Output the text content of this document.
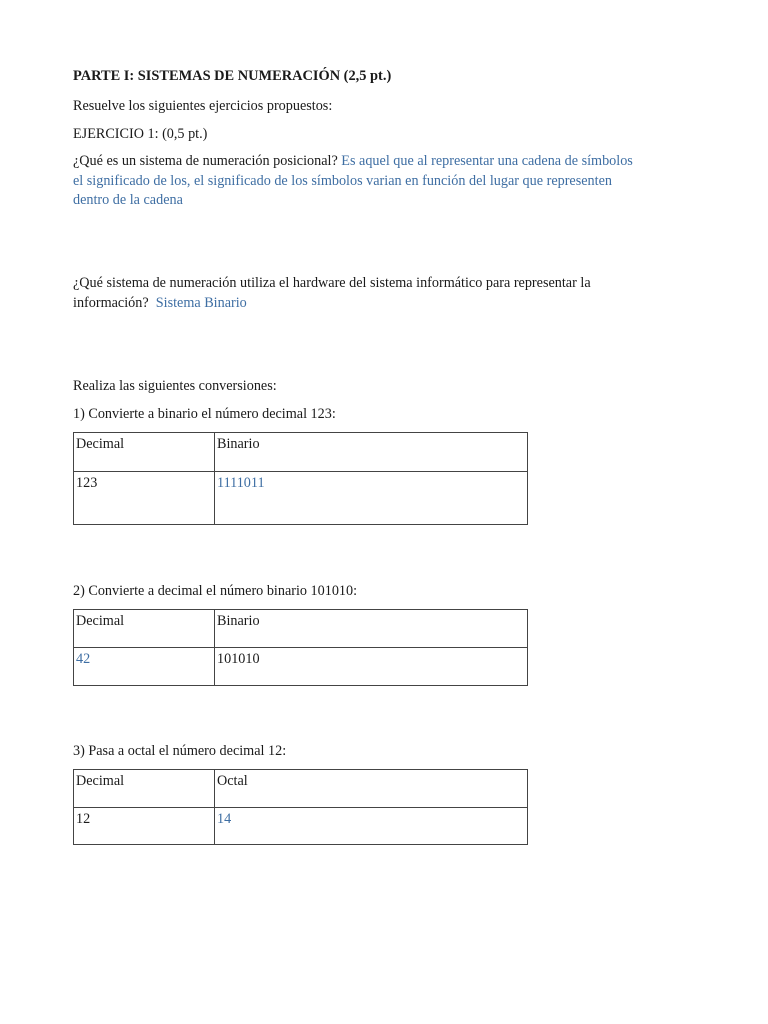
PARTE I: SISTEMAS DE NUMERACIÓN (2,5 pt.)
Resuelve los siguientes ejercicios propuestos:
EJERCICIO 1: (0,5 pt.)
¿Qué es un sistema de numeración posicional? Es aquel que al representar una cadena de símbolos
el significado de los, el significado de los símbolos varian en función del lugar que representen
dentro de la cadena
¿Qué sistema de numeración utiliza el hardware del sistema informático para representar la
información? Sistema Binario
Realiza las siguientes conversiones:
1) Convierte a binario el número decimal 123:
Decimal	Binario
123	1111011
2) Convierte a decimal el número binario 101010:
Decimal	Binario
42	101010
3) Pasa a octal el número decimal 12:
Decimal	Octal
12	14
